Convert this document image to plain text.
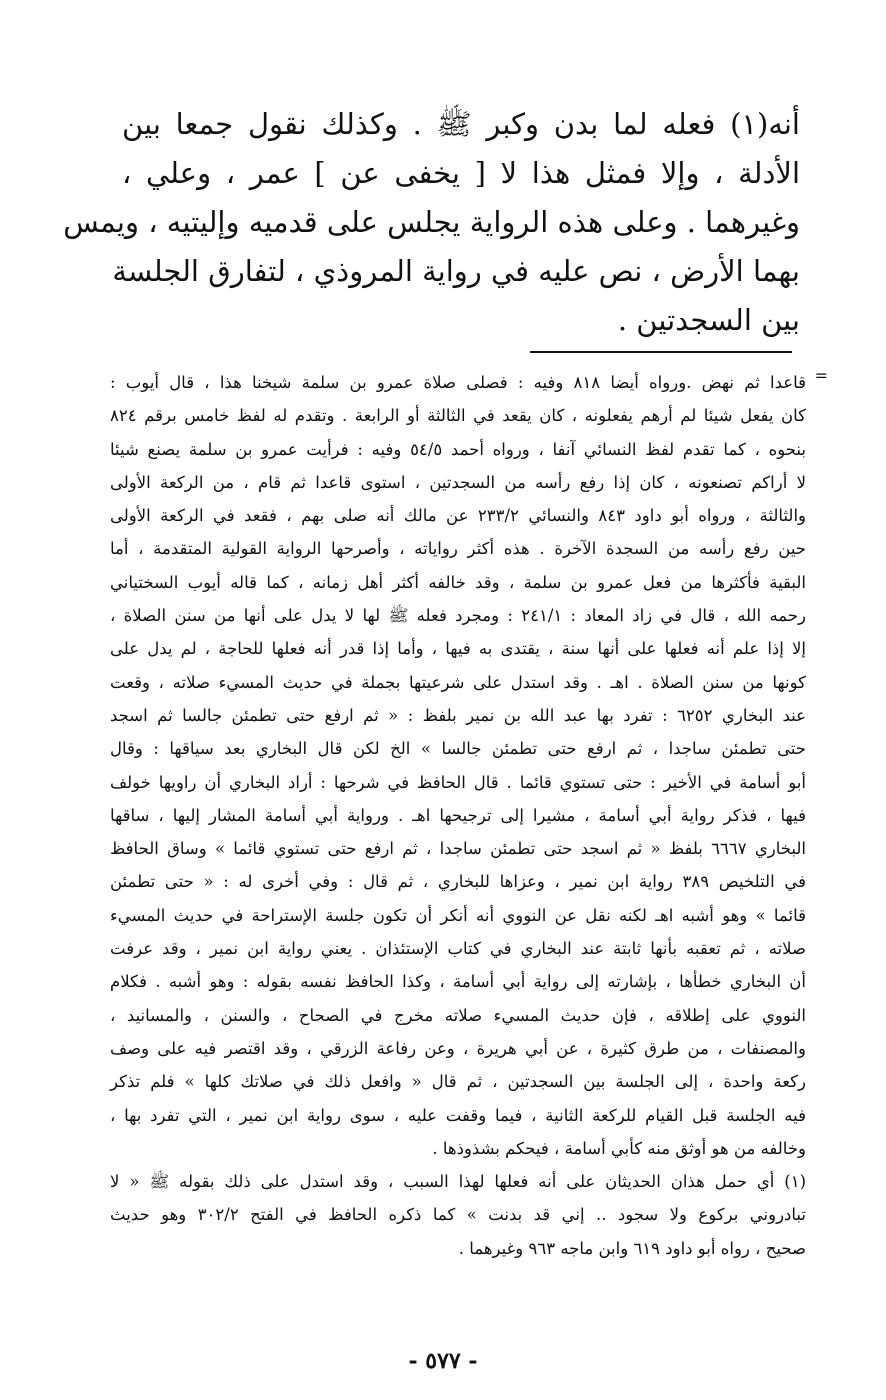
أنه(١) فعله لما بدن وكبر ﷺ . وكذلك نقول جمعا بين
الأدلة ، وإلا فمثل هذا لا [ يخفى عن ] عمر ، وعلي ،
وغيرهما . وعلى هذه الرواية يجلس على قدميه وإليتيه ، ويمس
بهما الأرض ، نص عليه في رواية المروذي ، لتفارق الجلسة
بين السجدتين .
=
قاعدا ثم نهض .ورواه أيضا ٨١٨ وفيه : فصلى صلاة عمرو بن سلمة شيخنا هذا ، قال أيوب :
كان يفعل شيئا لم أرهم يفعلونه ، كان يقعد في الثالثة أو الرابعة . وتقدم له لفظ خامس برقم ٨٢٤
بنحوه ، كما تقدم لفظ النسائي آنفا ، ورواه أحمد ٥٤/٥ وفيه : فرأيت عمرو بن سلمة يصنع شيئا
لا أراكم تصنعونه ، كان إذا رفع رأسه من السجدتين ، استوى قاعدا ثم قام ، من الركعة الأولى
والثالثة ، ورواه أبو داود ٨٤٣ والنسائي ٢٣٣/٢ عن مالك أنه صلى بهم ، فقعد في الركعة الأولى
حين رفع رأسه من السجدة الآخرة . هذه أكثر رواياته ، وأصرحها الرواية القولية المتقدمة ، أما
البقية فأكثرها من فعل عمرو بن سلمة ، وقد خالفه أكثر أهل زمانه ، كما قاله أيوب السختياني
رحمه الله ، قال في زاد المعاد : ٢٤١/١ : ومجرد فعله ﷺ لها لا يدل على أنها من سنن الصلاة ،
إلا إذا علم أنه فعلها على أنها سنة ، يقتدى به فيها ، وأما إذا قدر أنه فعلها للحاجة ، لم يدل على
كونها من سنن الصلاة . اهـ . وقد استدل على شرعيتها بجملة في حديث المسيء صلاته ، وقعت
عند البخاري ٦٢٥٢ : تفرد بها عبد الله بن نمير بلفظ : « ثم ارفع حتى تطمئن جالسا ثم اسجد
حتى تطمئن ساجدا ، ثم ارفع حتى تطمئن جالسا » الخ لكن قال البخاري بعد سياقها : وقال
أبو أسامة في الأخير : حتى تستوي قائما . قال الحافظ في شرحها : أراد البخاري أن راويها خولف
فيها ، فذكر رواية أبي أسامة ، مشيرا إلى ترجيحها اهـ . ورواية أبي أسامة المشار إليها ، ساقها
البخاري ٦٦٦٧ بلفظ « ثم اسجد حتى تطمئن ساجدا ، ثم ارفع حتى تستوي قائما » وساق الحافظ
في التلخيص ٣٨٩ رواية ابن نمير ، وعزاها للبخاري ، ثم قال : وفي أخرى له : « حتى تطمئن
قائما » وهو أشبه اهـ لكنه نقل عن النووي أنه أنكر أن تكون جلسة الإستراحة في حديث المسيء
صلاته ، ثم تعقبه بأنها ثابتة عند البخاري في كتاب الإستئذان . يعني رواية ابن نمير ، وقد عرفت
أن البخاري خطأها ، بإشارته إلى رواية أبي أسامة ، وكذا الحافظ نفسه بقوله : وهو أشبه . فكلام
النووي على إطلاقه ، فإن حديث المسيء صلاته مخرج في الصحاح ، والسنن ، والمسانيد ،
والمصنفات ، من طرق كثيرة ، عن أبي هريرة ، وعن رفاعة الزرقي ، وقد اقتصر فيه على وصف
ركعة واحدة ، إلى الجلسة بين السجدتين ، ثم قال « وافعل ذلك في صلاتك كلها » فلم تذكر
فيه الجلسة قبل القيام للركعة الثانية ، فيما وقفت عليه ، سوى رواية ابن نمير ، التي تفرد بها ،
وخالفه من هو أوثق منه كأبي أسامة ، فيحكم بشذوذها .
(١) أي حمل هذان الحديثان على أنه فعلها لهذا السبب ، وقد استدل على ذلك بقوله ﷺ « لا
تبادروني بركوع ولا سجود .. إني قد بدنت » كما ذكره الحافظ في الفتح ٣٠٢/٢ وهو حديث
صحيح ، رواه أبو داود ٦١٩ وابن ماجه ٩٦٣ وغيرهما .
- ٥٧٧ -
